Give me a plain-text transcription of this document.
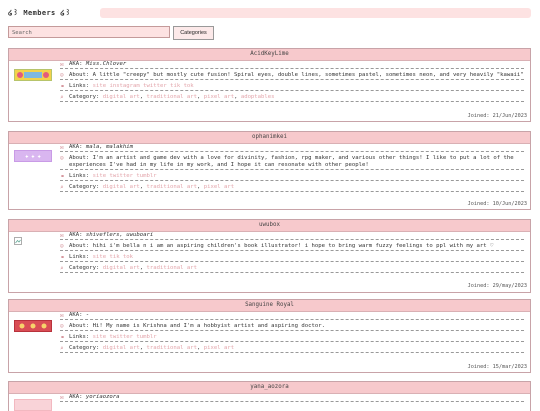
໒꒱ Members ໒꒱
Search	Categories
AcidKeyLime
✉ AKA: Miss.Chlover
☺ About: A little "creepy" but mostly cute fusion! Spiral eyes, double lines, sometimes pastel, sometimes neon, and very heavily "kawaii"
⚭ Links: site instagram twitter tik tok
⌕ Category: digital art, traditional art, pixel art, adoptables
Joined: 21/Jun/2023
ophanimkei
✦ ✦ ✦
✉ AKA: mala, malakhim
☺ About: I'm an artist and game dev with a love for divinity, fashion, rpg maker, and various other things! I like to put a lot of the experiences I've had in my life in my work, and I hope it can resonate with other people!
⚭ Links: site twitter tumblr
⌕ Category: digital art, traditional art, pixel art
Joined: 10/Jun/2023
uwubox
✉ AKA: shiveflers, uwuboari
☺ About: hihi i'm bella n i am an aspiring children's book illustrator! i hope to bring warm fuzzy feelings to ppl with my art ♡
⚭ Links: site tik tok
⌕ Category: digital art, traditional art
Joined: 29/may/2023
Sanguine Royal
✉ AKA: -
☺ About: Hi! My name is Krishna and I'm a hobbyist artist and aspiring doctor.
⚭ Links: site twitter tumblr
⌕ Category: digital art, traditional art, pixel art
Joined: 15/mar/2023
yana_aozora
✉ AKA: yoriaozora
